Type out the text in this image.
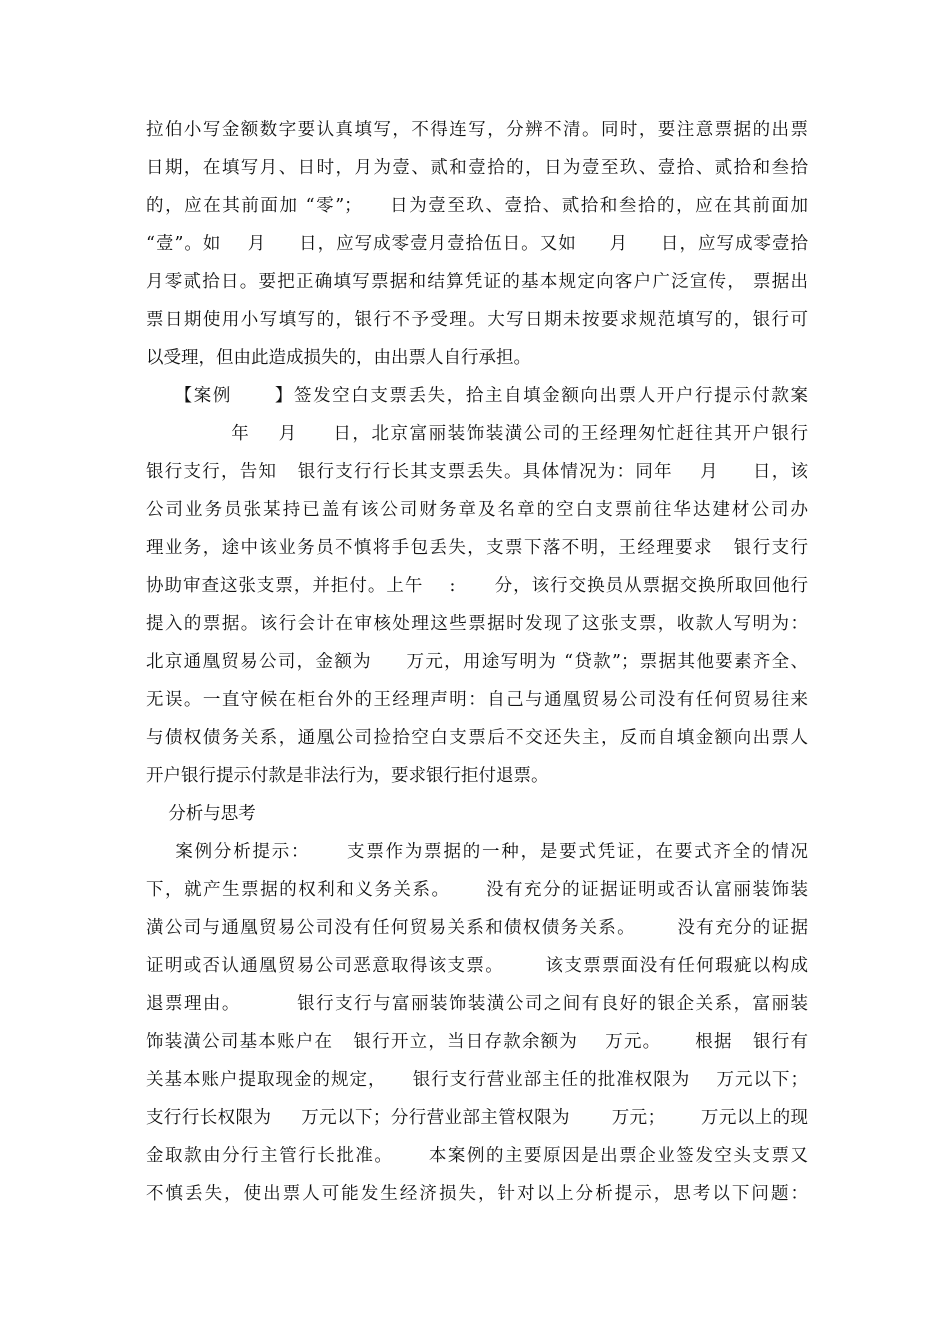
拉伯小写金额数字要认真填写，不得连写，分辨不清。同时，要注意票据的出票
日期，在填写月、日时，月为壹、贰和壹拾的，日为壹至玖、壹拾、贰拾和叁拾
的，应在其前面加 “零”；    日为壹至玖、壹拾、贰拾和叁拾的，应在其前面加
“壹”。如    月     日，应写成零壹月壹拾伍日。又如     月     日，应写成零壹拾
月零贰拾日。要把正确填写票据和结算凭证的基本规定向客户广泛宣传， 票据出
票日期使用小写填写的，银行不予受理。大写日期未按要求规范填写的，银行可
以受理，但由此造成损失的，由出票人自行承担。
【案例      】签发空白支票丢失，拾主自填金额向出票人开户行提示付款案
年    月     日，北京富丽装饰装潢公司的王经理匆忙赶往其开户银行
银行支行，告知   银行支行行长其支票丢失。具体情况为：同年    月     日，该
公司业务员张某持已盖有该公司财务章及名章的空白支票前往华达建材公司办
理业务，途中该业务员不慎将手包丢失，支票下落不明，王经理要求   银行支行
协助审查这张支票，并拒付。上午    :      分，该行交换员从票据交换所取回他行
提入的票据。该行会计在审核处理这些票据时发现了这张支票，收款人写明为：
北京通凰贸易公司，金额为     万元，用途写明为 “贷款”；票据其他要素齐全、
无误。一直守候在柜台外的王经理声明：自己与通凰贸易公司没有任何贸易往来
与债权债务关系，通凰公司捡拾空白支票后不交还失主，反而自填金额向出票人
开户银行提示付款是非法行为，要求银行拒付退票。
分析与思考
案例分析提示：     支票作为票据的一种，是要式凭证，在要式齐全的情况
下，就产生票据的权利和义务关系。     没有充分的证据证明或否认富丽装饰装
潢公司与通凰贸易公司没有任何贸易关系和债权债务关系。      没有充分的证据
证明或否认通凰贸易公司恶意取得该支票。      该支票票面没有任何瑕疵以构成
退票理由。        银行支行与富丽装饰装潢公司之间有良好的银企关系，富丽装
饰装潢公司基本账户在   银行开立，当日存款余额为    万元。     根据   银行有
关基本账户提取现金的规定，    银行支行营业部主任的批准权限为    万元以下；
支行行长权限为     万元以下；分行营业部主管权限为       万元；      万元以上的现
金取款由分行主管行长批准。     本案例的主要原因是出票企业签发空头支票又
不慎丢失，使出票人可能发生经济损失，针对以上分析提示，思考以下问题：
